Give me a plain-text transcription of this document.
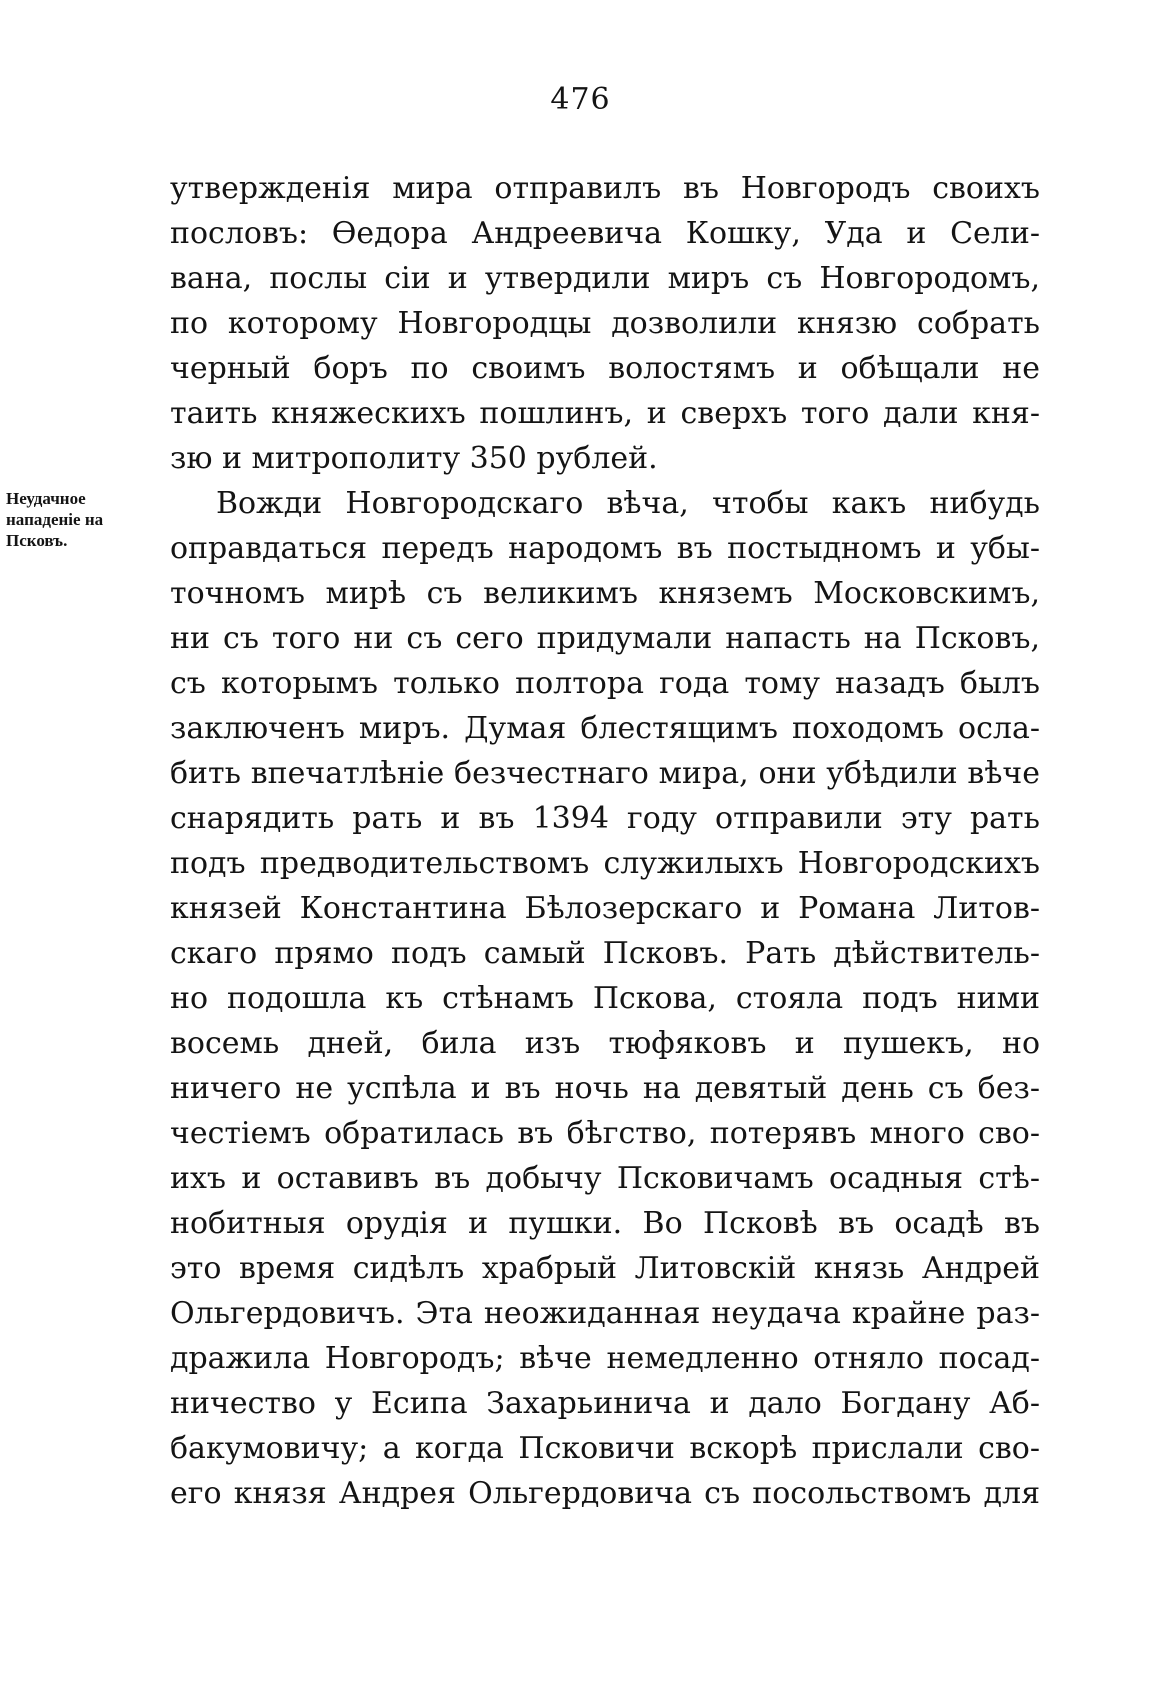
476
Неудачное
нападеніе на
Псковъ.
утвержденія мира отправилъ въ Новгородъ своихъ
пословъ: Ѳедора Андреевича Кошку, Уда и Сели-
вана, послы сіи и утвердили миръ съ Новгородомъ,
по которому Новгородцы дозволили князю собрать
черный боръ по своимъ волостямъ и обѣщали не
таить княжескихъ пошлинъ, и сверхъ того дали кня-
зю и митрополиту 350 рублей.
Вожди Новгородскаго вѣча, чтобы какъ нибудь
оправдаться передъ народомъ въ постыдномъ и убы-
точномъ мирѣ съ великимъ княземъ Московскимъ,
ни съ того ни съ сего придумали напасть на Псковъ,
съ которымъ только полтора года тому назадъ былъ
заключенъ миръ. Думая блестящимъ походомъ осла-
бить впечатлѣніе безчестнаго мира, они убѣдили вѣче
снарядить рать и въ 1394 году отправили эту рать
подъ предводительствомъ служилыхъ Новгородскихъ
князей Константина Бѣлозерскаго и Романа Литов-
скаго прямо подъ самый Псковъ. Рать дѣйствитель-
но подошла къ стѣнамъ Пскова, стояла подъ ними
восемь дней, била изъ тюфяковъ и пушекъ, но
ничего не успѣла и въ ночь на девятый день съ без-
честіемъ обратилась въ бѣгство, потерявъ много сво-
ихъ и оставивъ въ добычу Псковичамъ осадныя стѣ-
нобитныя орудія и пушки. Во Псковѣ въ осадѣ въ
это время сидѣлъ храбрый Литовскій князь Андрей
Ольгердовичъ. Эта неожиданная неудача крайне раз-
дражила Новгородъ; вѣче немедленно отняло посад-
ничество у Есипа Захарьинича и дало Богдану Аб-
бакумовичу; а когда Псковичи вскорѣ прислали сво-
его князя Андрея Ольгердовича съ посольствомъ для
